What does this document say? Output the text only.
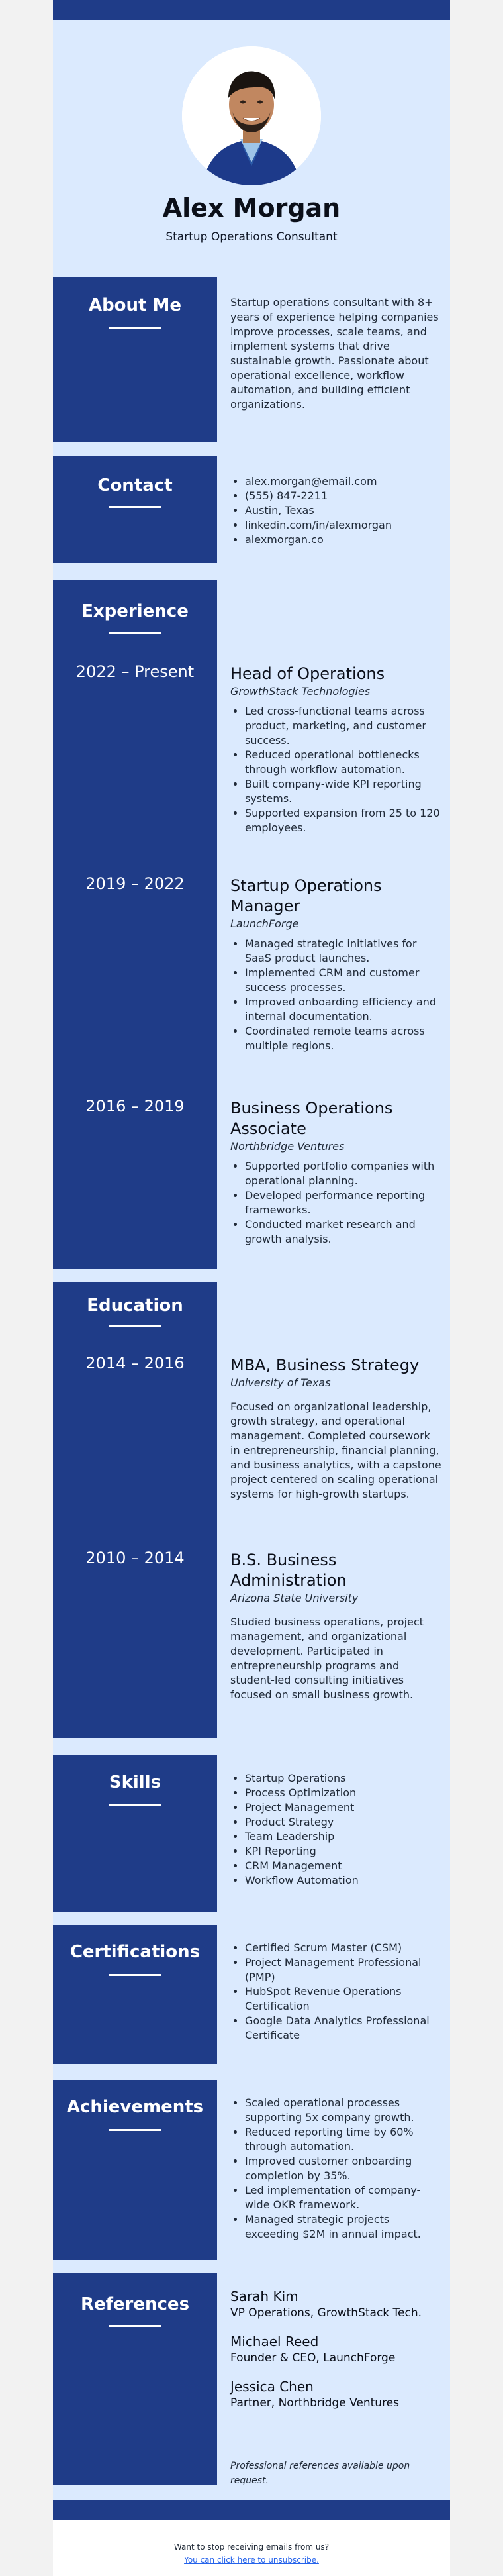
Alex Morgan
Startup Operations Consultant
About Me	Startup operations consultant with 8+ years of experience helping companies improve processes, scale teams, and implement systems that drive sustainable growth. Passionate about operational excellence, workflow automation, and building efficient organizations.
Contact	• alex.morgan@email.com
• (555) 847-2211
• Austin, Texas
• linkedin.com/in/alexmorgan
• alexmorgan.co
Experience
2022 – Present	Head of Operations
GrowthStack Technologies
• Led cross-functional teams across product, marketing, and customer success.
• Reduced operational bottlenecks through workflow automation.
• Built company-wide KPI reporting systems.
• Supported expansion from 25 to 120 employees.
2019 – 2022	Startup Operations Manager
LaunchForge
• Managed strategic initiatives for SaaS product launches.
• Implemented CRM and customer success processes.
• Improved onboarding efficiency and internal documentation.
• Coordinated remote teams across multiple regions.
2016 – 2019	Business Operations Associate
Northbridge Ventures
• Supported portfolio companies with operational planning.
• Developed performance reporting frameworks.
• Conducted market research and growth analysis.
Education
2014 – 2016	MBA, Business Strategy
University of Texas
Focused on organizational leadership, growth strategy, and operational management. Completed coursework in entrepreneurship, financial planning, and business analytics, with a capstone project centered on scaling operational systems for high-growth startups.
2010 – 2014	B.S. Business Administration
Arizona State University
Studied business operations, project management, and organizational development. Participated in entrepreneurship programs and student-led consulting initiatives focused on small business growth.
Skills	• Startup Operations
• Process Optimization
• Project Management
• Product Strategy
• Team Leadership
• KPI Reporting
• CRM Management
• Workflow Automation
Certifications	• Certified Scrum Master (CSM)
• Project Management Professional (PMP)
• HubSpot Revenue Operations Certification
• Google Data Analytics Professional Certificate
Achievements	• Scaled operational processes supporting 5x company growth.
• Reduced reporting time by 60% through automation.
• Improved customer onboarding completion by 35%.
• Led implementation of company-wide OKR framework.
• Managed strategic projects exceeding $2M in annual impact.
References	Sarah Kim
VP Operations, GrowthStack Tech.
Michael Reed
Founder & CEO, LaunchForge
Jessica Chen
Partner, Northbridge Ventures
Professional references available upon request.
Want to stop receiving emails from us?
You can click here to unsubscribe.
